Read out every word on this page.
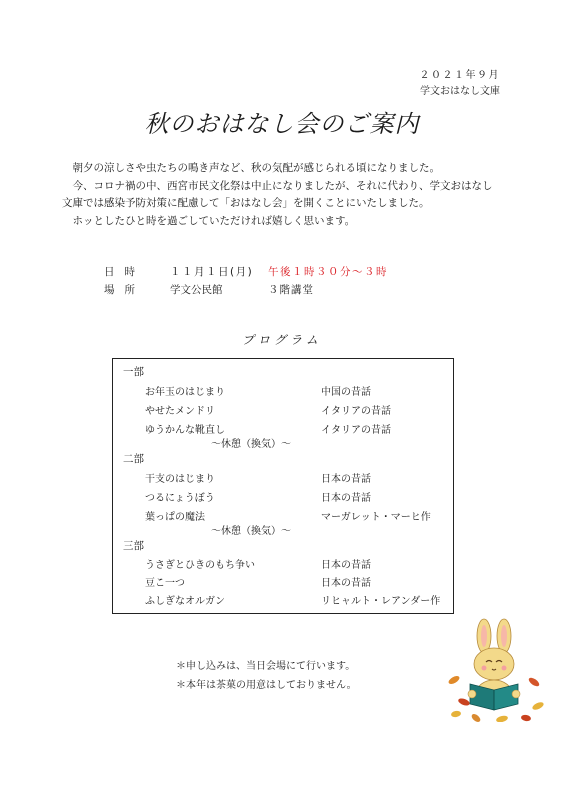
２０２１年９月
学文おはなし文庫
秋のおはなし会のご案内

　朝夕の涼しさや虫たちの鳴き声など、秋の気配が感じられる頃になりました。

　今、コロナ禍の中、西宮市民文化祭は中止になりましたが、それに代わり、学文おはなし文庫では感染予防対策に配慮して「おはなし会」を開くことにいたしました。

　ホッとしたひと時を過ごしていただければ嬉しく思います。

日時 １１月１日(月) 午後１時３０分～３時
場所 学文公民館	３階講堂
プログラム
一部
お年玉のはじまり	中国の昔話
やせたメンドリ	イタリアの昔話
ゆうかんな靴直し	イタリアの昔話
～休憩（換気）～
二部
干支のはじまり	日本の昔話
つるにょうぼう	日本の昔話
葉っぱの魔法	マーガレット・マーヒ作
～休憩（換気）～
三部
うさぎとひきのもち争い	日本の昔話
豆こ一つ	日本の昔話
ふしぎなオルガン	リヒャルト・レアンダー作
＊申し込みは、当日会場にて行います。
＊本年は茶菓の用意はしておりません。
